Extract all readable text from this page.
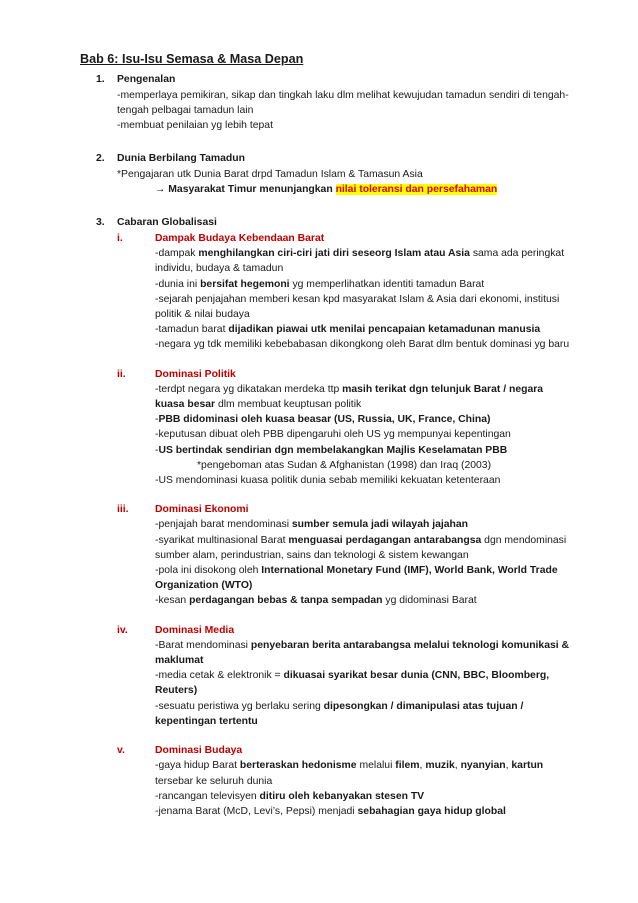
Bab 6: Isu-Isu Semasa & Masa Depan
1. Pengenalan

-memperlaya pemikiran, sikap dan tingkah laku dlm melihat kewujudan tamadun sendiri di tengah-tengah pelbagai tamadun lain

-membuat penilaian yg lebih tepat

2. Dunia Berbilang Tamadun

*Pengajaran utk Dunia Barat drpd Tamadun Islam & Tamasun Asia

→ Masyarakat Timur menunjangkan nilai toleransi dan persefahaman
3. Cabaran Globalisasi
i.	Dampak Budaya Kebendaan Barat

-dampak menghilangkan ciri-ciri jati diri seseorg Islam atau Asia sama ada peringkat individu, budaya & tamadun

-dunia ini bersifat hegemoni yg memperlihatkan identiti tamadun Barat

-sejarah penjajahan memberi kesan kpd masyarakat Islam & Asia dari ekonomi, institusi politik & nilai budaya

-tamadun barat dijadikan piawai utk menilai pencapaian ketamadunan manusia

-negara yg tdk memiliki kebebabasan dikongkong oleh Barat dlm bentuk dominasi yg baru

ii.	Dominasi Politik

-terdpt negara yg dikatakan merdeka ttp masih terikat dgn telunjuk Barat / negara kuasa besar dlm membuat keuptusan politik

-PBB didominasi oleh kuasa beasar (US, Russia, UK, France, China)

-keputusan dibuat oleh PBB dipengaruhi oleh US yg mempunyai kepentingan

-US bertindak sendirian dgn membelakangkan Majlis Keselamatan PBB

*pengeboman atas Sudan & Afghanistan (1998) dan Iraq (2003)

-US mendominasi kuasa politik dunia sebab memiliki kekuatan ketenteraan

iii.	Dominasi Ekonomi

-penjajah barat mendominasi sumber semula jadi wilayah jajahan

-syarikat multinasional Barat menguasai perdagangan antarabangsa dgn mendominasi sumber alam, perindustrian, sains dan teknologi & sistem kewangan

-pola ini disokong oleh International Monetary Fund (IMF), World Bank, World Trade Organization (WTO)

-kesan perdagangan bebas & tanpa sempadan yg didominasi Barat

iv.	Dominasi Media

-Barat mendominasi penyebaran berita antarabangsa melalui teknologi komunikasi & maklumat

-media cetak & elektronik = dikuasai syarikat besar dunia (CNN, BBC, Bloomberg, Reuters)

-sesuatu peristiwa yg berlaku sering dipesongkan / dimanipulasi atas tujuan / kepentingan tertentu

v.	Dominasi Budaya

-gaya hidup Barat berteraskan hedonisme melalui filem, muzik, nyanyian, kartun tersebar ke seluruh dunia

-rancangan televisyen ditiru oleh kebanyakan stesen TV

-jenama Barat (McD, Levi’s, Pepsi) menjadi sebahagian gaya hidup global
